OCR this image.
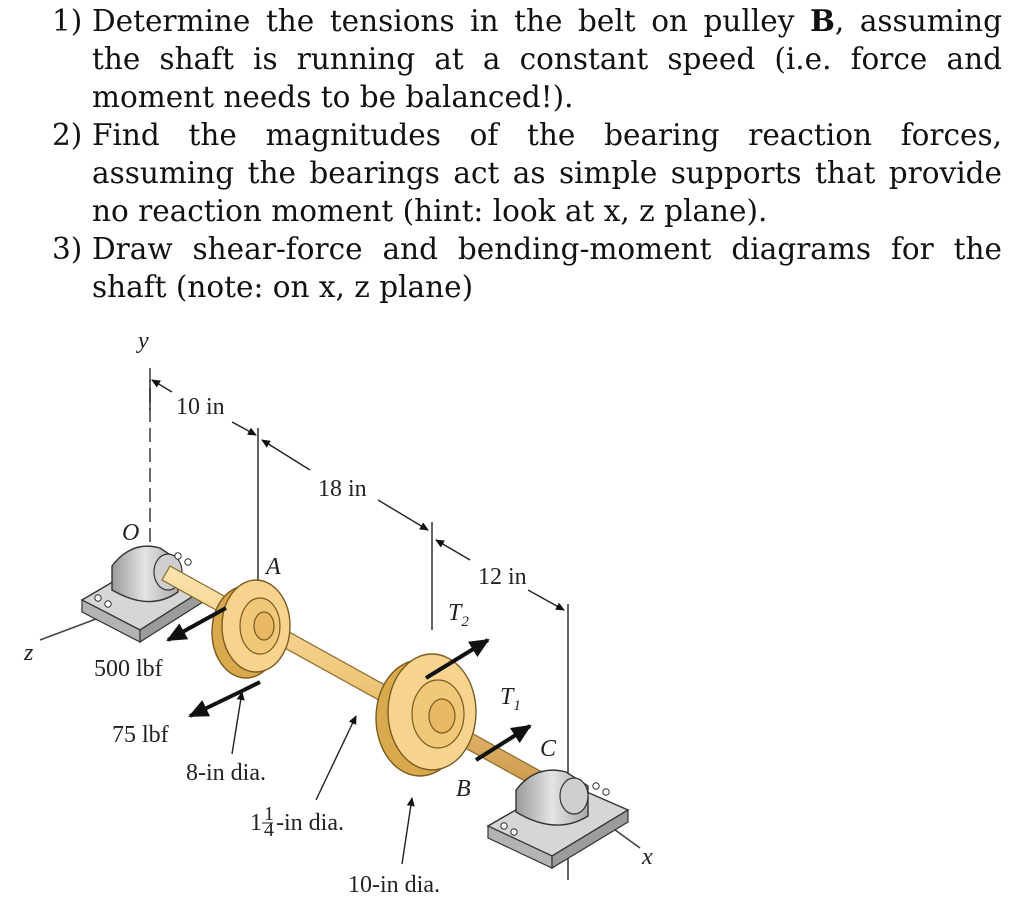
1) Determine the tensions in the belt on pulley B, assuming the shaft is running at a constant speed (i.e. force and moment needs to be balanced!).
2) Find the magnitudes of the bearing reaction forces, assuming the bearings act as simple supports that provide no reaction moment (hint: look at x, z plane).
3) Draw shear-force and bending-moment diagrams for the shaft (note: on x, z plane)
y
z
x
O
10 in
18 in
12 in
A
B
C
500 lbf
75 lbf
$T_2$
$T_1$
8-in dia.
1 1
4 -in dia.
10-in dia.
